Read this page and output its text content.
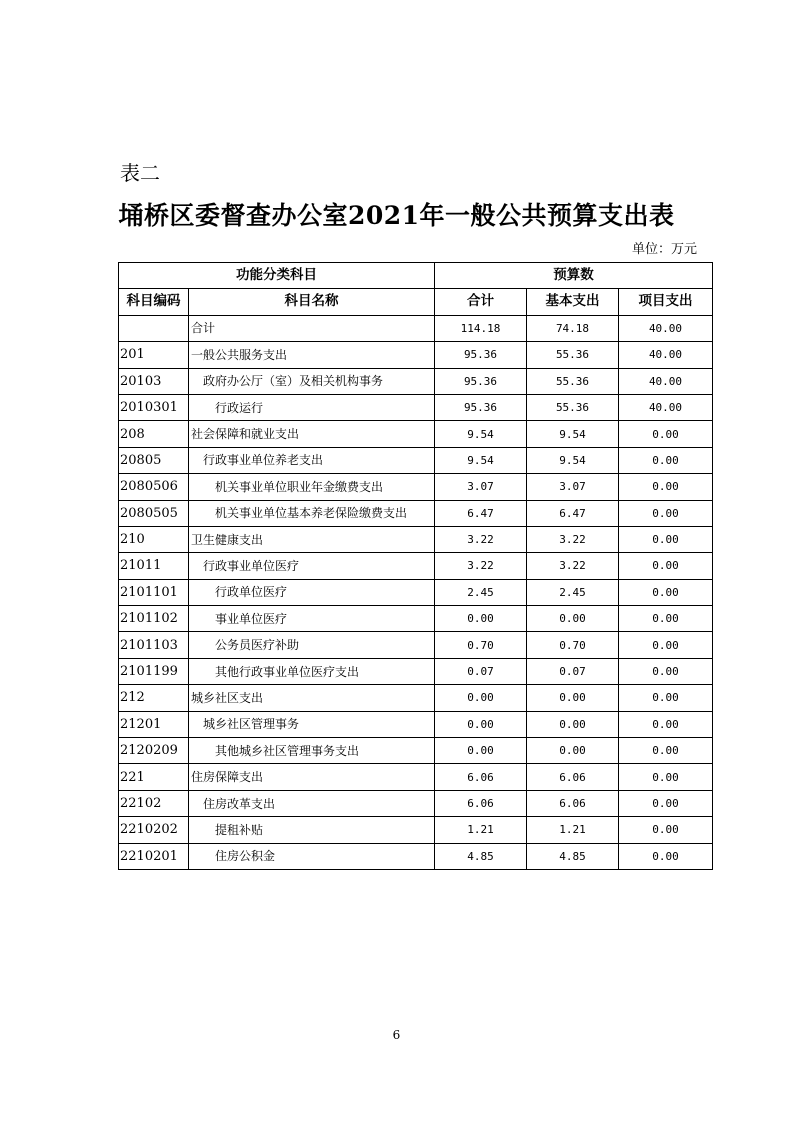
表二
埇桥区委督查办公室2021年一般公共预算支出表
单位：万元
功能分类科目		预算数		
科目编码	科目名称	合计	基本支出	项目支出
	合计	114.18	74.18	40.00
201	一般公共服务支出	95.36	55.36	40.00
20103	政府办公厅（室）及相关机构事务	95.36	55.36	40.00
2010301	行政运行	95.36	55.36	40.00
208	社会保障和就业支出	9.54	9.54	0.00
20805	行政事业单位养老支出	9.54	9.54	0.00
2080506	机关事业单位职业年金缴费支出	3.07	3.07	0.00
2080505	机关事业单位基本养老保险缴费支出	6.47	6.47	0.00
210	卫生健康支出	3.22	3.22	0.00
21011	行政事业单位医疗	3.22	3.22	0.00
2101101	行政单位医疗	2.45	2.45	0.00
2101102	事业单位医疗	0.00	0.00	0.00
2101103	公务员医疗补助	0.70	0.70	0.00
2101199	其他行政事业单位医疗支出	0.07	0.07	0.00
212	城乡社区支出	0.00	0.00	0.00
21201	城乡社区管理事务	0.00	0.00	0.00
2120209	其他城乡社区管理事务支出	0.00	0.00	0.00
221	住房保障支出	6.06	6.06	0.00
22102	住房改革支出	6.06	6.06	0.00
2210202	提租补贴	1.21	1.21	0.00
2210201	住房公积金	4.85	4.85	0.00
6
